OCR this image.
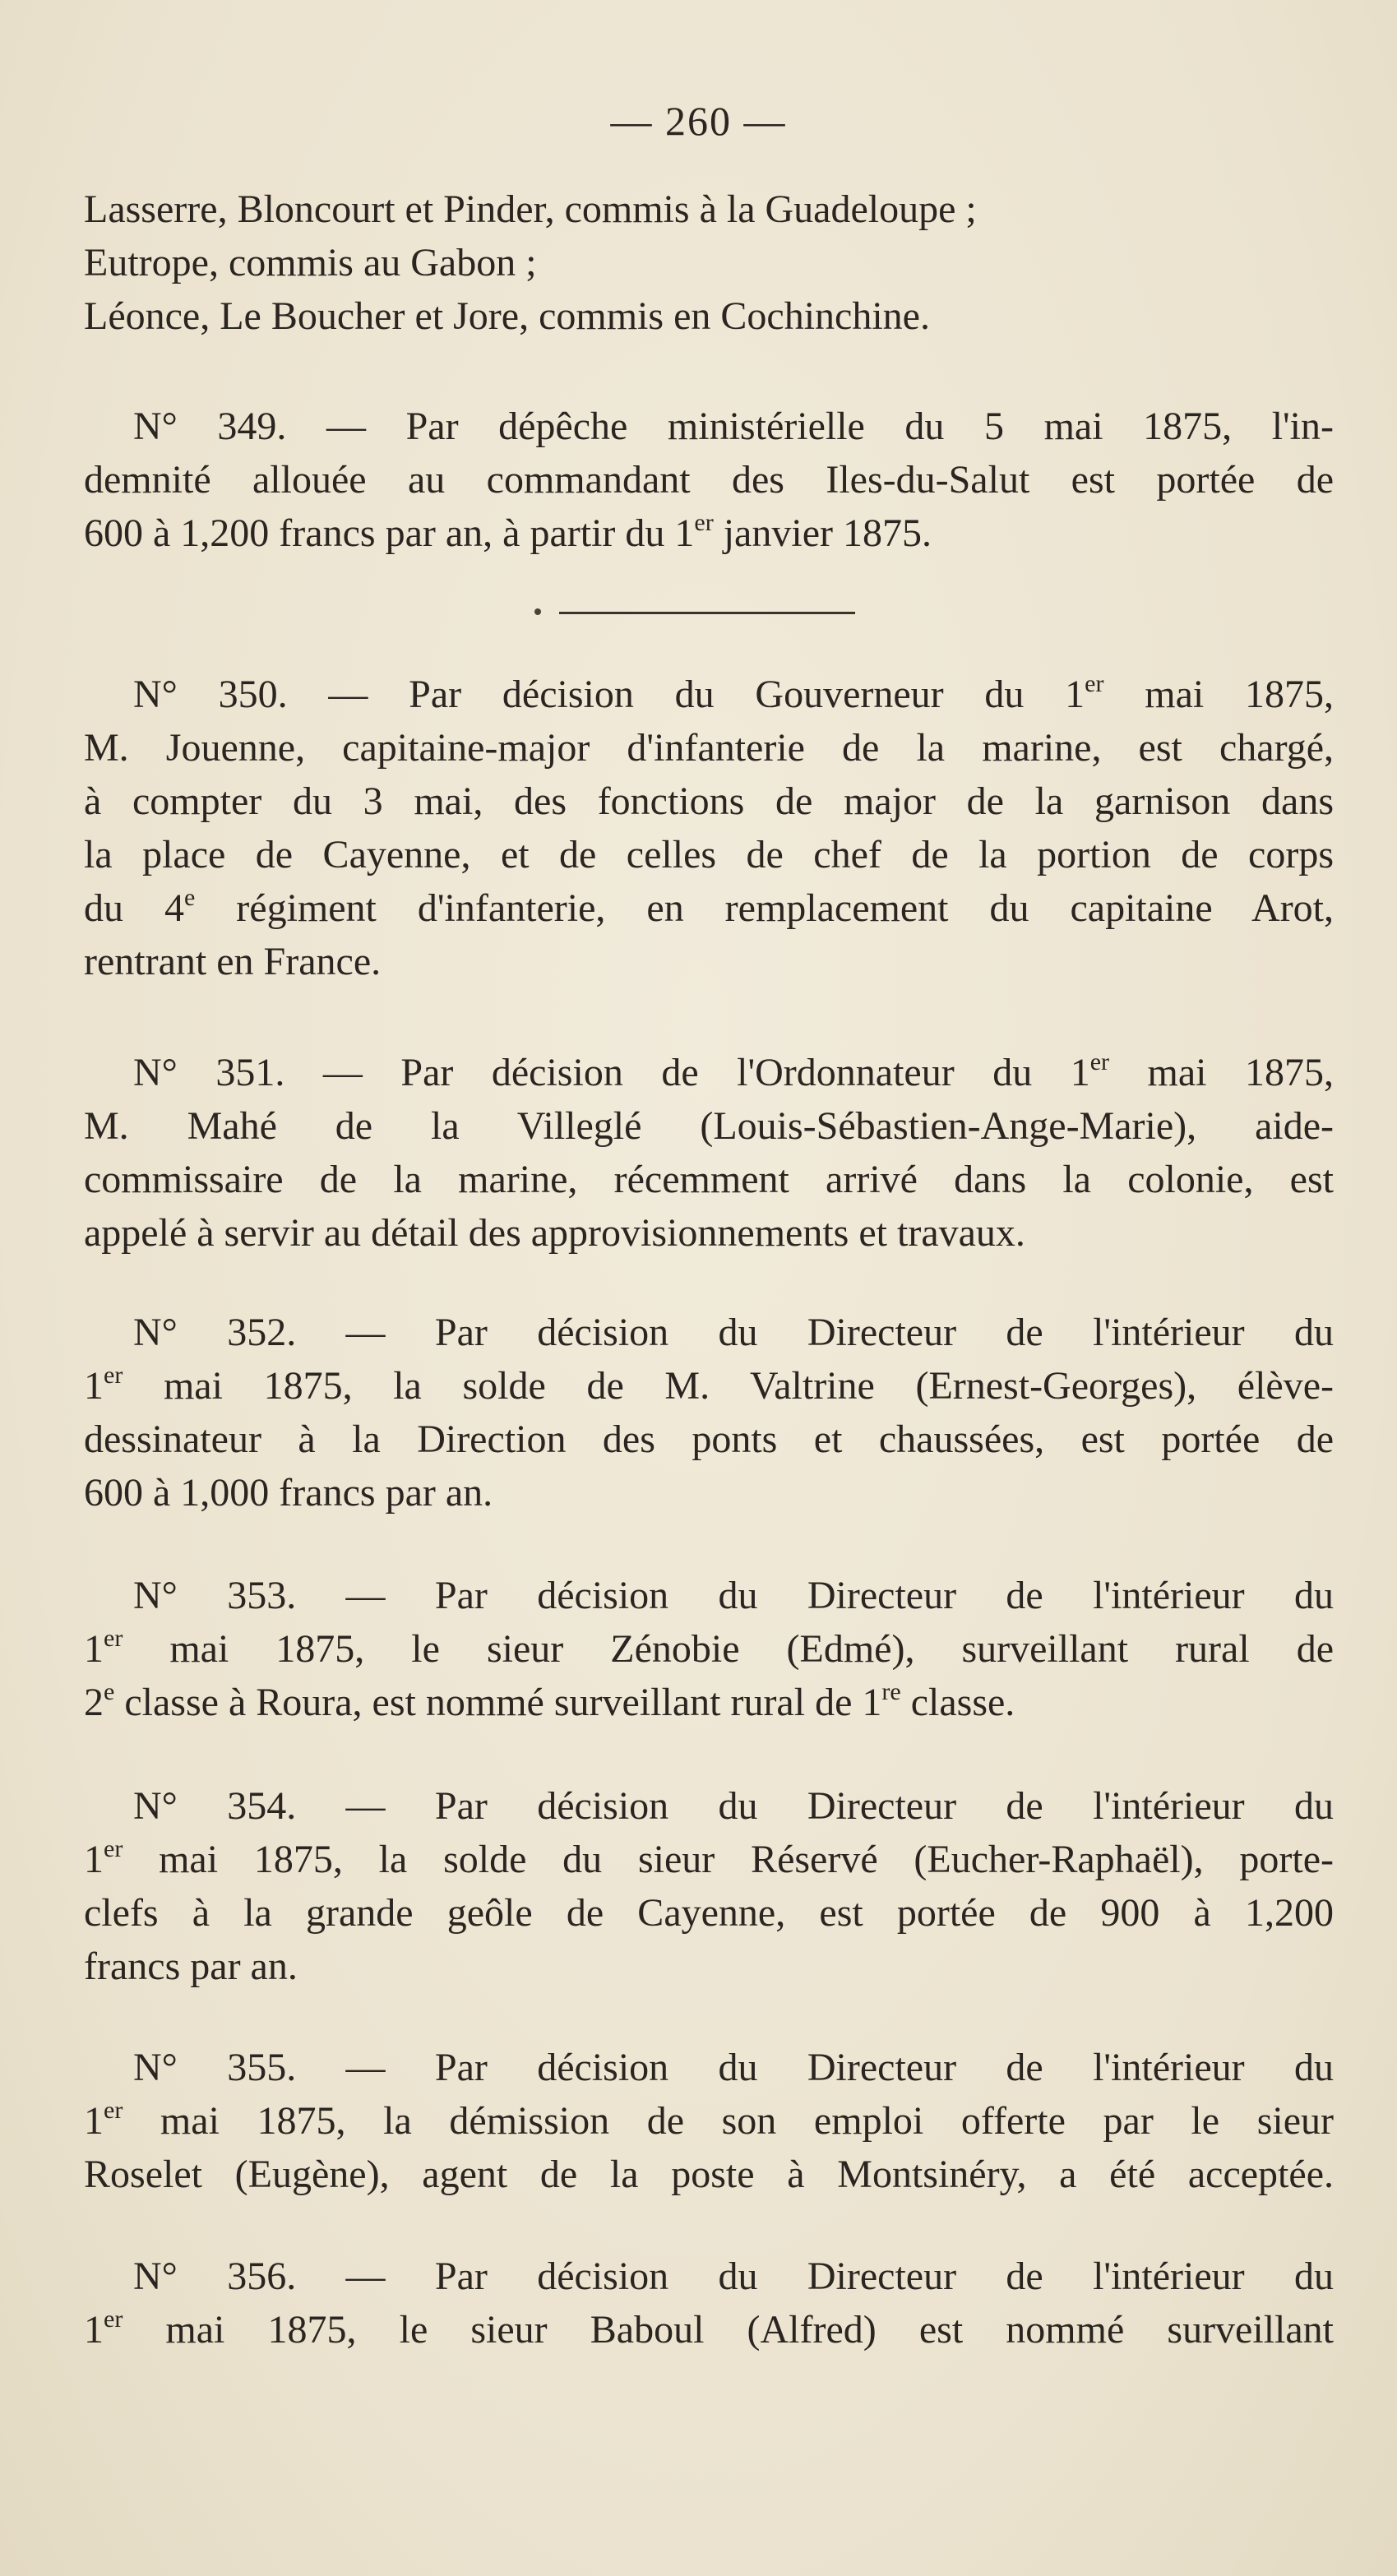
— 260 —
Lasserre, Bloncourt et Pinder, commis à la Guadeloupe ;
Eutrope, commis au Gabon ;
Léonce, Le Boucher et Jore, commis en Cochinchine.
N° 349. — Par dépêche ministérielle du 5 mai 1875, l'in-
demnité allouée au commandant des Iles-du-Salut est portée de
600 à 1,200 francs par an, à partir du 1er janvier 1875.
N° 350. — Par décision du Gouverneur du 1er mai 1875,
M. Jouenne, capitaine-major d'infanterie de la marine, est chargé,
à compter du 3 mai, des fonctions de major de la garnison dans
la place de Cayenne, et de celles de chef de la portion de corps
du 4e régiment d'infanterie, en remplacement du capitaine Arot,
rentrant en France.
N° 351. — Par décision de l'Ordonnateur du 1er mai 1875,
M. Mahé de la Villeglé (Louis-Sébastien-Ange-Marie), aide-
commissaire de la marine, récemment arrivé dans la colonie, est
appelé à servir au détail des approvisionnements et travaux.
N° 352. — Par décision du Directeur de l'intérieur du
1er mai 1875, la solde de M. Valtrine (Ernest-Georges), élève-
dessinateur à la Direction des ponts et chaussées, est portée de
600 à 1,000 francs par an.
N° 353. — Par décision du Directeur de l'intérieur du
1er mai 1875, le sieur Zénobie (Edmé), surveillant rural de
2e classe à Roura, est nommé surveillant rural de 1re classe.
N° 354. — Par décision du Directeur de l'intérieur du
1er mai 1875, la solde du sieur Réservé (Eucher-Raphaël), porte-
clefs à la grande geôle de Cayenne, est portée de 900 à 1,200
francs par an.
N° 355. — Par décision du Directeur de l'intérieur du
1er mai 1875, la démission de son emploi offerte par le sieur
Roselet (Eugène), agent de la poste à Montsinéry, a été acceptée.
N° 356. — Par décision du Directeur de l'intérieur du
1er mai 1875, le sieur Baboul (Alfred) est nommé surveillant
